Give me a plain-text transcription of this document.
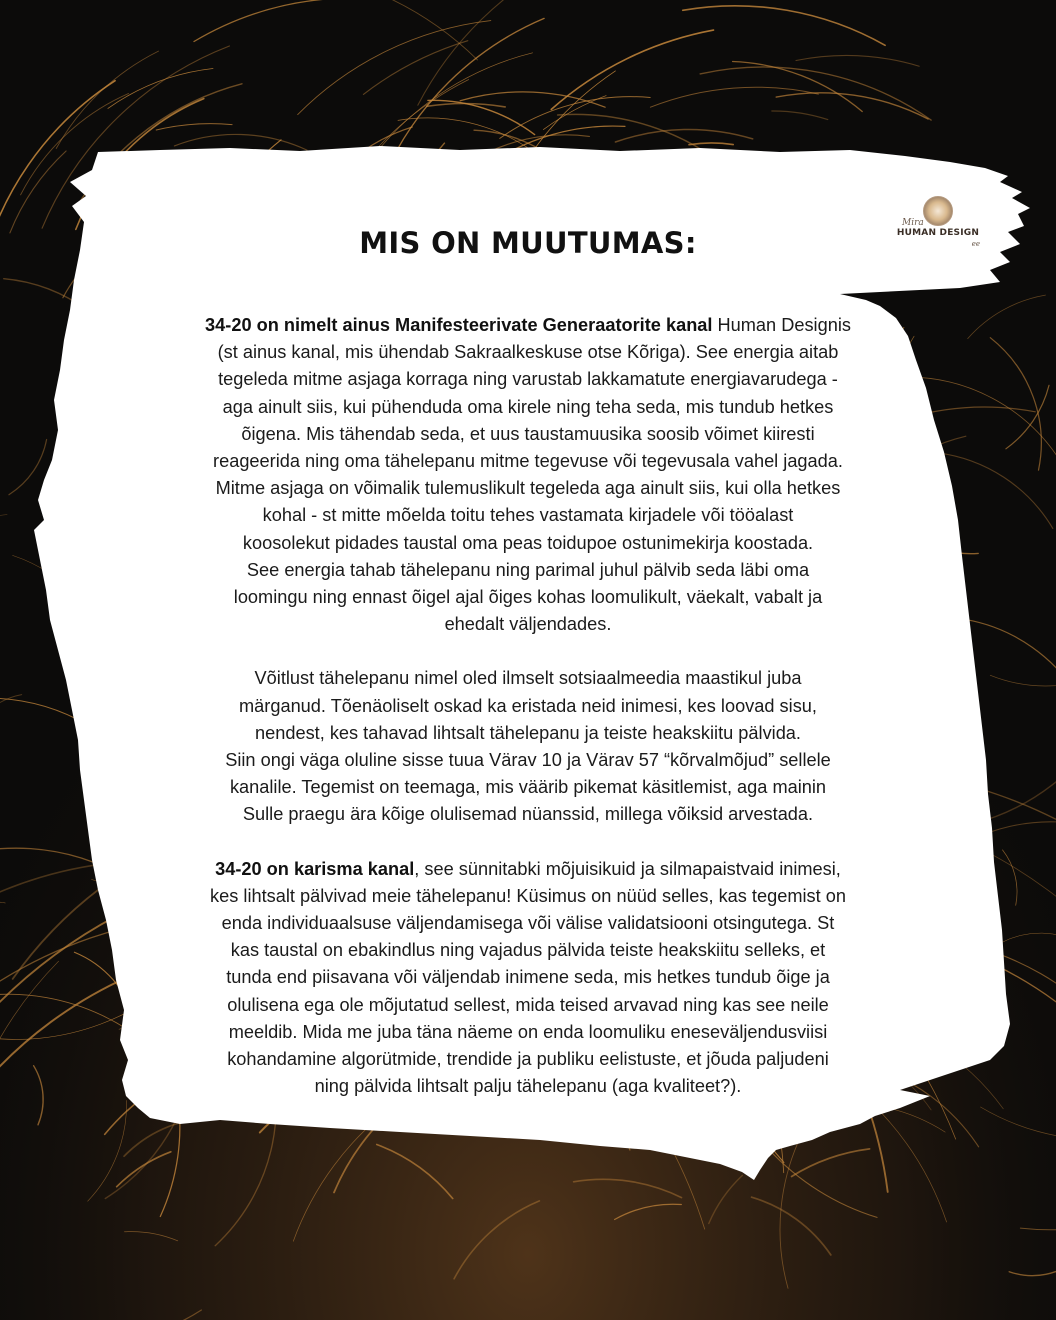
Mira
HUMAN DESIGN
ee
MIS ON MUUTUMAS:

34-20 on nimelt ainus Manifesteerivate Generaatorite kanal Human Designis
(st ainus kanal, mis ühendab Sakraalkeskuse otse Kõriga). See energia aitab
tegeleda mitme asjaga korraga ning varustab lakkamatute energiavarudega -
aga ainult siis, kui pühenduda oma kirele ning teha seda, mis tundub hetkes
õigena. Mis tähendab seda, et uus taustamuusika soosib võimet kiiresti
reageerida ning oma tähelepanu mitme tegevuse või tegevusala vahel jagada.
Mitme asjaga on võimalik tulemuslikult tegeleda aga ainult siis, kui olla hetkes
kohal - st mitte mõelda toitu tehes vastamata kirjadele või tööalast
koosolekut pidades taustal oma peas toidupoe ostunimekirja koostada.
See energia tahab tähelepanu ning parimal juhul pälvib seda läbi oma
loomingu ning ennast õigel ajal õiges kohas loomulikult, väekalt, vabalt ja
ehedalt väljendades.

Võitlust tähelepanu nimel oled ilmselt sotsiaalmeedia maastikul juba
märganud. Tõenäoliselt oskad ka eristada neid inimesi, kes loovad sisu,
nendest, kes tahavad lihtsalt tähelepanu ja teiste heakskiitu pälvida.
Siin ongi väga oluline sisse tuua Värav 10 ja Värav 57 “kõrvalmõjud” sellele
kanalile. Tegemist on teemaga, mis väärib pikemat käsitlemist, aga mainin
Sulle praegu ära kõige olulisemad nüanssid, millega võiksid arvestada.

34-20 on karisma kanal, see sünnitabki mõjuisikuid ja silmapaistvaid inimesi,
kes lihtsalt pälvivad meie tähelepanu! Küsimus on nüüd selles, kas tegemist on
enda individuaalsuse väljendamisega või välise validatsiooni otsingutega. St
kas taustal on ebakindlus ning vajadus pälvida teiste heakskiitu selleks, et
tunda end piisavana või väljendab inimene seda, mis hetkes tundub õige ja
olulisena ega ole mõjutatud sellest, mida teised arvavad ning kas see neile
meeldib. Mida me juba täna näeme on enda loomuliku eneseväljendusviisi
kohandamine algorütmide, trendide ja publiku eelistuste, et jõuda paljudeni
ning pälvida lihtsalt palju tähelepanu (aga kvaliteet?).
